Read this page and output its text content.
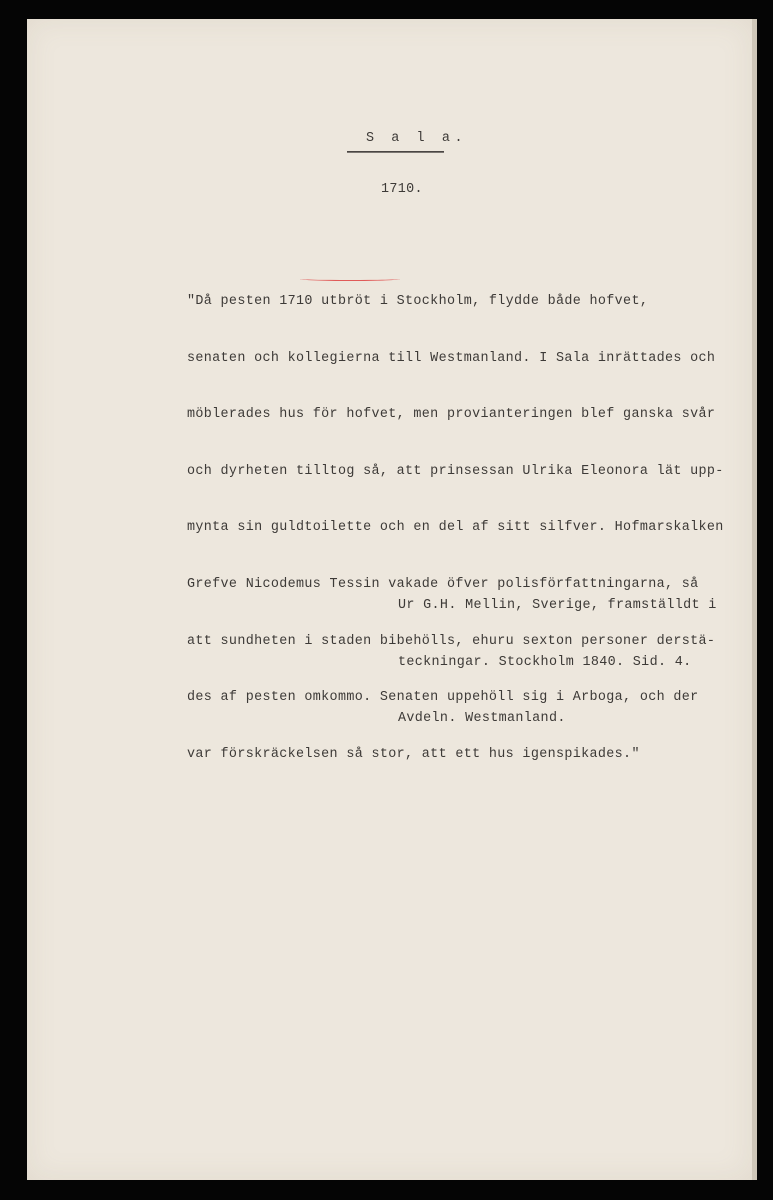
S a l a.
1710.

"Då pesten 1710 utbröt i Stockholm, flydde både hofvet,

senaten och kollegierna till Westmanland. I Sala inrättades och

möblerades hus för hofvet, men provianteringen blef ganska svår

och dyrheten tilltog så, att prinsessan Ulrika Eleonora lät upp-

mynta sin guldtoilette och en del af sitt silfver. Hofmarskalken

Grefve Nicodemus Tessin vakade öfver polisförfattningarna, så

att sundheten i staden bibehölls, ehuru sexton personer derstä-

des af pesten omkommo. Senaten uppehöll sig i Arboga, och der

var förskräckelsen så stor, att ett hus igenspikades."

Ur G.H. Mellin, Sverige, framställdt i

teckningar. Stockholm 1840. Sid. 4.

Avdeln. Westmanland.
